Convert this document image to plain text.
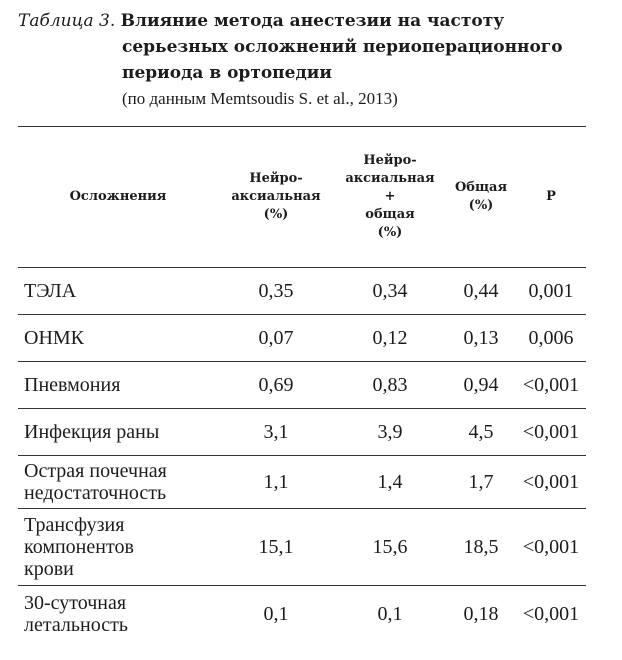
Таблица 3. Влияние метода анестезии на частоту
серьезных осложнений периоперационного
периода в ортопедии
(по данным Memtsoudis S. et al., 2013)
Осложнения	Нейро-
аксиальная
(%)	Нейро-
аксиальная
+
общая
(%)	Общая
(%)	P
ТЭЛА	0,35	0,34	0,44	0,001
ОНМК	0,07	0,12	0,13	0,006
Пневмония	0,69	0,83	0,94	<0,001
Инфекция раны	3,1	3,9	4,5	<0,001
Острая почечная
недостаточность	1,1	1,4	1,7	<0,001
Трансфузия
компонентов
крови	15,1	15,6	18,5	<0,001
30-суточная
летальность	0,1	0,1	0,18	<0,001
